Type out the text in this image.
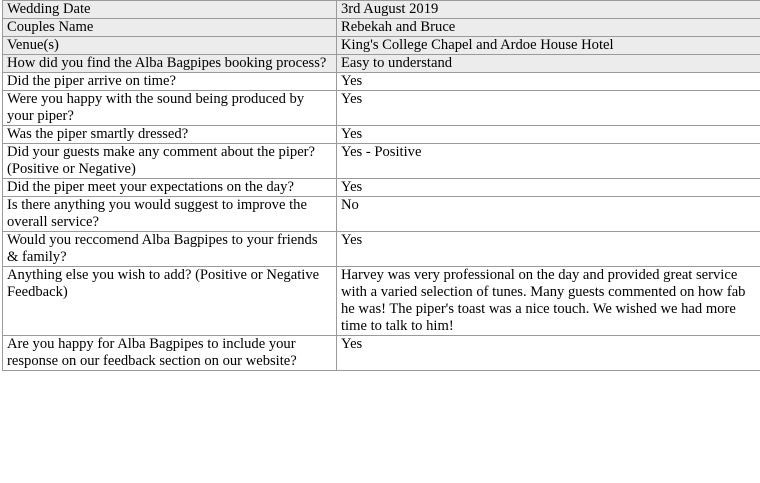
Wedding Date	3rd August 2019
Couples Name	Rebekah and Bruce
Venue(s)	King's College Chapel and Ardoe House Hotel
How did you find the Alba Bagpipes booking process?	Easy to understand
Did the piper arrive on time?	Yes
Were you happy with the sound being produced by your piper?	Yes
Was the piper smartly dressed?	Yes
Did your guests make any comment about the piper? (Positive or Negative)	Yes - Positive
Did the piper meet your expectations on the day?	Yes
Is there anything you would suggest to improve the overall service?	No
Would you reccomend Alba Bagpipes to your friends & family?	Yes
Anything else you wish to add? (Positive or Negative Feedback)	Harvey was very professional on the day and provided great service with a varied selection of tunes. Many guests commented on how fab he was! The piper's toast was a nice touch. We wished we had more time to talk to him!
Are you happy for Alba Bagpipes to include your response on our feedback section on our website?	Yes
